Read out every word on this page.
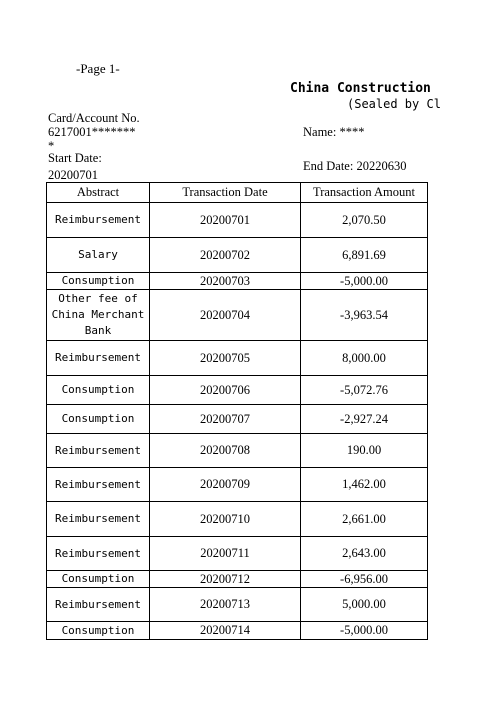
-Page 1-
China Construction
(Sealed by Cl
Card/Account No.
6217001*******
*
Name: ****
Start Date:
20200701
End Date: 20220630
Abstract	Transaction Date	Transaction Amount
Reimbursement	20200701	2,070.50
Salary	20200702	6,891.69
Consumption	20200703	-5,000.00
Other fee of China Merchant Bank	20200704	-3,963.54
Reimbursement	20200705	8,000.00
Consumption	20200706	-5,072.76
Consumption	20200707	-2,927.24
Reimbursement	20200708	190.00
Reimbursement	20200709	1,462.00
Reimbursement	20200710	2,661.00
Reimbursement	20200711	2,643.00
Consumption	20200712	-6,956.00
Reimbursement	20200713	5,000.00
Consumption	20200714	-5,000.00
